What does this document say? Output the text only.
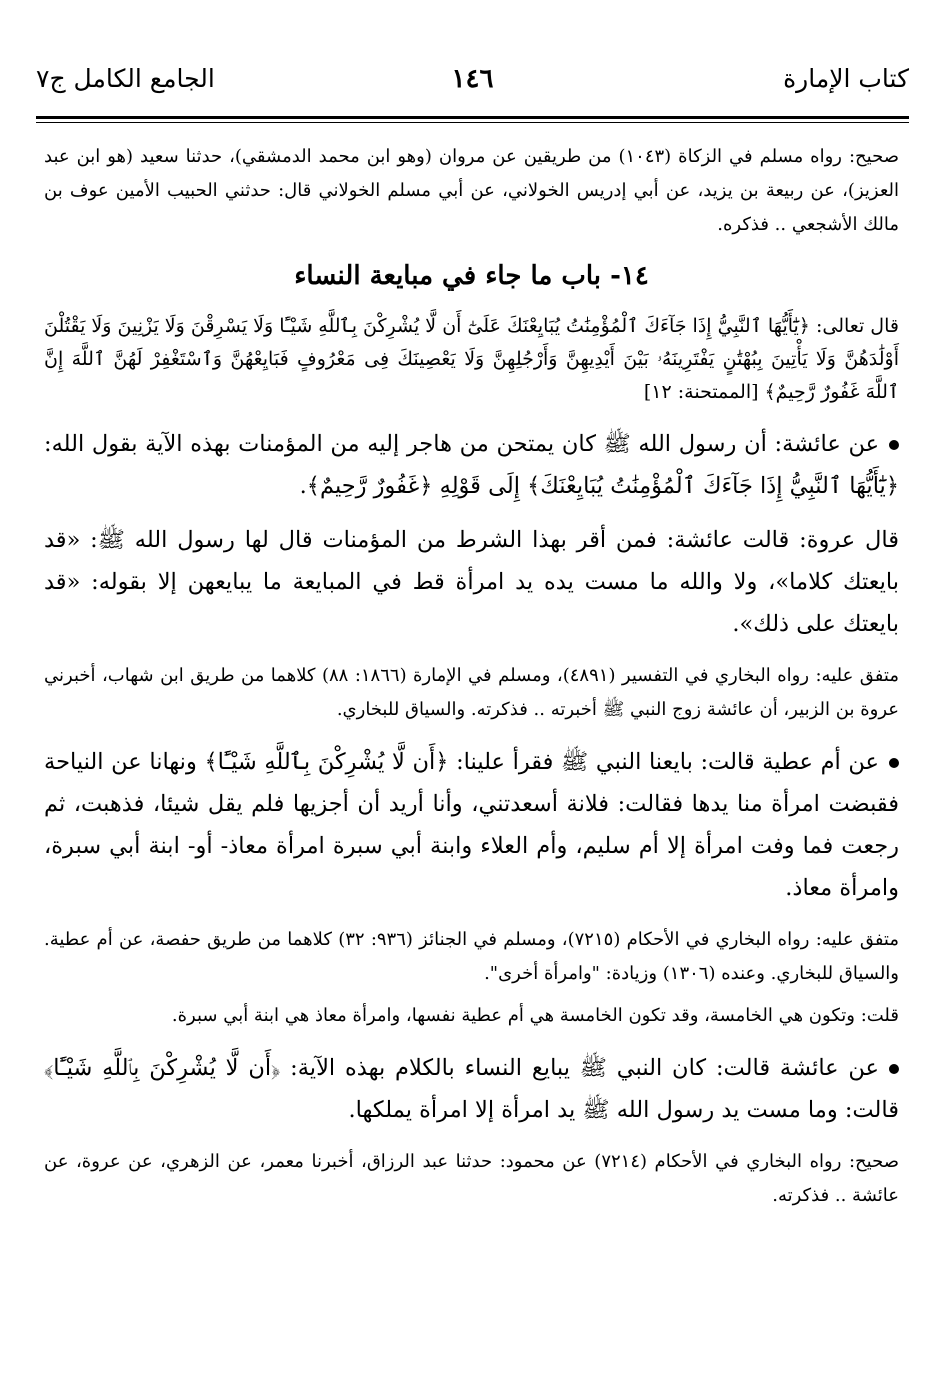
كتاب الإمارة
١٤٦
الجامع الكامل ج٧

صحيح: رواه مسلم في الزكاة (١٠٤٣) من طريقين عن مروان (وهو ابن محمد الدمشقي)، حدثنا سعيد (هو ابن عبد العزيز)، عن ربيعة بن يزيد، عن أبي إدريس الخولاني، عن أبي مسلم الخولاني قال: حدثني الحبيب الأمين عوف بن مالك الأشجعي .. فذكره.

١٤- باب ما جاء في مبايعة النساء

قال تعالى: ﴿يَٰٓأَيُّهَا ٱلنَّبِيُّ إِذَا جَآءَكَ ٱلْمُؤْمِنَٰتُ يُبَايِعْنَكَ عَلَىٰٓ أَن لَّا يُشْرِكْنَ بِٱللَّهِ شَيْـًٔا وَلَا يَسْرِقْنَ وَلَا يَزْنِينَ وَلَا يَقْتُلْنَ أَوْلَٰدَهُنَّ وَلَا يَأْتِينَ بِبُهْتَٰنٍ يَفْتَرِينَهُۥ بَيْنَ أَيْدِيهِنَّ وَأَرْجُلِهِنَّ وَلَا يَعْصِينَكَ فِى مَعْرُوفٍ فَبَايِعْهُنَّ وَٱسْتَغْفِرْ لَهُنَّ ٱللَّهَ إِنَّ ٱللَّهَ غَفُورٌ رَّحِيمٌ﴾ [الممتحنة: ١٢]

عن عائشة: أن رسول الله ﷺ كان يمتحن من هاجر إليه من المؤمنات بهذه الآية بقول الله: ﴿يَٰٓأَيُّهَا ٱلنَّبِيُّ إِذَا جَآءَكَ ٱلْمُؤْمِنَٰتُ يُبَايِعْنَكَ﴾ إِلَى قَوْلِهِ ﴿غَفُورٌ رَّحِيمٌ﴾.

قال عروة: قالت عائشة: فمن أقر بهذا الشرط من المؤمنات قال لها رسول الله ﷺ: «قد بايعتك كلاما»، ولا والله ما مست يده يد امرأة قط في المبايعة ما يبايعهن إلا بقوله: «قد بايعتك على ذلك».

متفق عليه: رواه البخاري في التفسير (٤٨٩١)، ومسلم في الإمارة (١٨٦٦: ٨٨) كلاهما من طريق ابن شهاب، أخبرني عروة بن الزبير، أن عائشة زوج النبي ﷺ أخبرته .. فذكرته. والسياق للبخاري.

عن أم عطية قالت: بايعنا النبي ﷺ فقرأ علينا: ﴿أَن لَّا يُشْرِكْنَ بِٱللَّهِ شَيْـًٔا﴾ ونهانا عن النياحة فقبضت امرأة منا يدها فقالت: فلانة أسعدتني، وأنا أريد أن أجزيها فلم يقل شيئا، فذهبت، ثم رجعت فما وفت امرأة إلا أم سليم، وأم العلاء وابنة أبي سبرة امرأة معاذ- أو- ابنة أبي سبرة، وامرأة معاذ.

متفق عليه: رواه البخاري في الأحكام (٧٢١٥)، ومسلم في الجنائز (٩٣٦: ٣٢) كلاهما من طريق حفصة، عن أم عطية. والسياق للبخاري. وعنده (١٣٠٦) وزيادة: "وامرأة أخرى".

قلت: وتكون هي الخامسة، وقد تكون الخامسة هي أم عطية نفسها، وامرأة معاذ هي ابنة أبي سبرة.

عن عائشة قالت: كان النبي ﷺ يبايع النساء بالكلام بهذه الآية: ﴿أَن لَّا يُشْرِكْنَ بِٱللَّهِ شَيْـًٔا﴾ قالت: وما مست يد رسول الله ﷺ يد امرأة إلا امرأة يملكها.

صحيح: رواه البخاري في الأحكام (٧٢١٤) عن محمود: حدثنا عبد الرزاق، أخبرنا معمر، عن الزهري، عن عروة، عن عائشة .. فذكرته.
